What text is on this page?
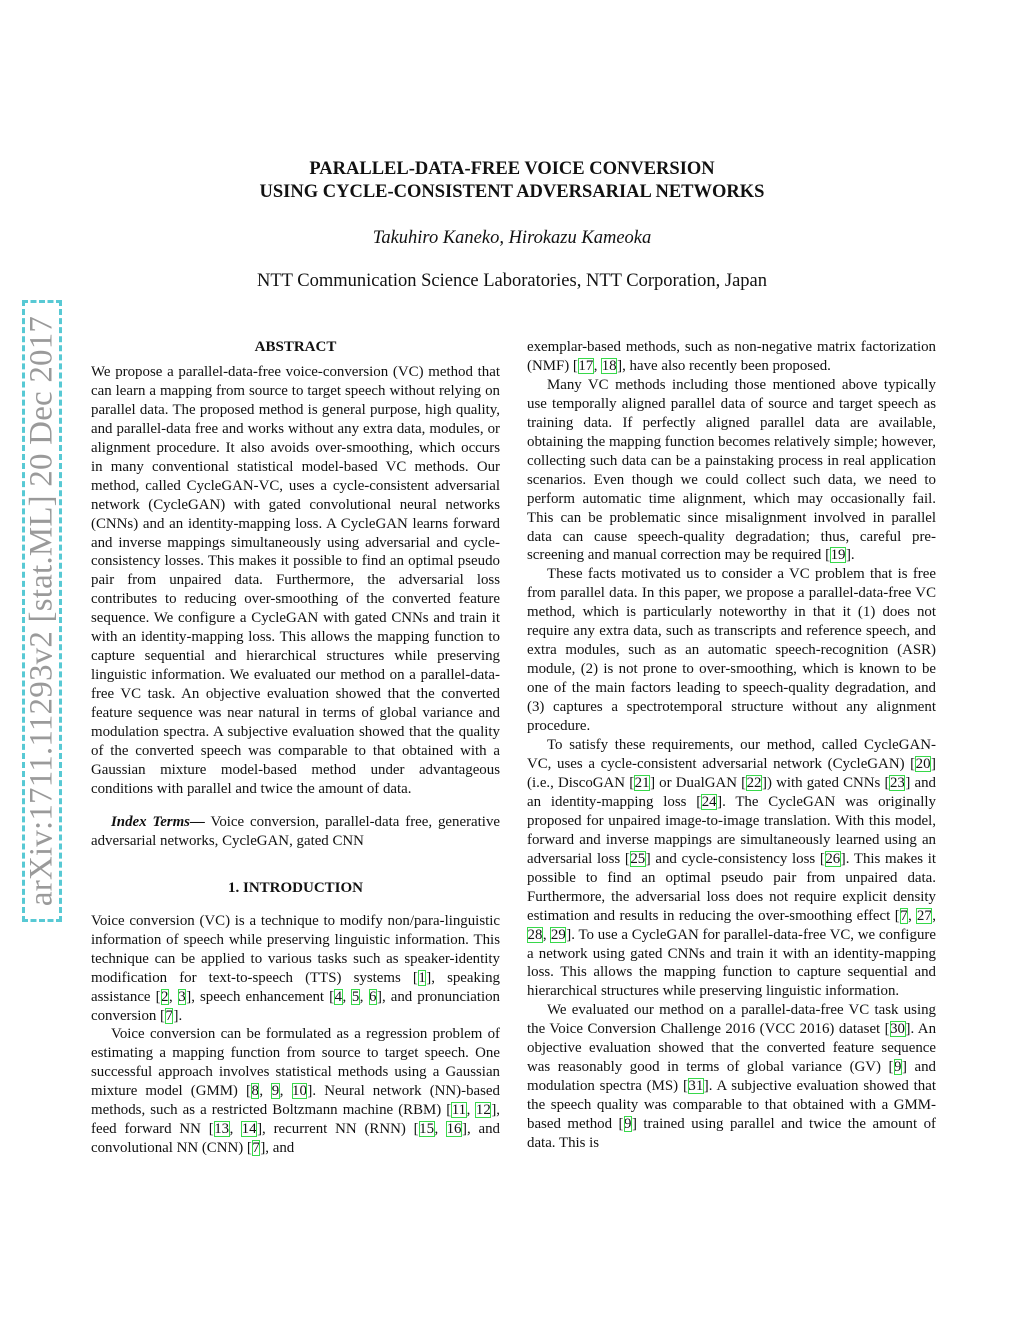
arXiv:1711.11293v2 [stat.ML] 20 Dec 2017
PARALLEL-DATA-FREE VOICE CONVERSION
USING CYCLE-CONSISTENT ADVERSARIAL NETWORKS
Takuhiro Kaneko, Hirokazu Kameoka
NTT Communication Science Laboratories, NTT Corporation, Japan
ABSTRACT

We propose a parallel-data-free voice-conversion (VC) method that can learn a mapping from source to target speech without relying on parallel data. The proposed method is general purpose, high quality, and parallel-data free and works without any extra data, modules, or alignment procedure. It also avoids over-smoothing, which occurs in many conventional statistical model-based VC methods. Our method, called CycleGAN-VC, uses a cycle-consistent adversarial network (CycleGAN) with gated convolutional neural networks (CNNs) and an identity-mapping loss. A CycleGAN learns forward and inverse mappings simultaneously using adversarial and cycle-consistency losses. This makes it possible to find an optimal pseudo pair from unpaired data. Furthermore, the adversarial loss contributes to reducing over-smoothing of the converted feature sequence. We configure a CycleGAN with gated CNNs and train it with an identity-mapping loss. This allows the mapping function to capture sequential and hierarchical structures while preserving linguistic information. We evaluated our method on a parallel-data-free VC task. An objective evaluation showed that the converted feature sequence was near natural in terms of global variance and modulation spectra. A subjective evaluation showed that the quality of the converted speech was comparable to that obtained with a Gaussian mixture model-based method under advantageous conditions with parallel and twice the amount of data.

Index Terms— Voice conversion, parallel-data free, generative adversarial networks, CycleGAN, gated CNN

1. INTRODUCTION

Voice conversion (VC) is a technique to modify non/para-linguistic information of speech while preserving linguistic information. This technique can be applied to various tasks such as speaker-identity modification for text-to-speech (TTS) systems [1], speaking assistance [2, 3], speech enhancement [4, 5, 6], and pronunciation conversion [7].

Voice conversion can be formulated as a regression problem of estimating a mapping function from source to target speech. One successful approach involves statistical methods using a Gaussian mixture model (GMM) [8, 9, 10]. Neural network (NN)-based methods, such as a restricted Boltzmann machine (RBM) [11, 12], feed forward NN [13, 14], recurrent NN (RNN) [15, 16], and convolutional NN (CNN) [7], and

exemplar-based methods, such as non-negative matrix factorization (NMF) [17, 18], have also recently been proposed.

Many VC methods including those mentioned above typically use temporally aligned parallel data of source and target speech as training data. If perfectly aligned parallel data are available, obtaining the mapping function becomes relatively simple; however, collecting such data can be a painstaking process in real application scenarios. Even though we could collect such data, we need to perform automatic time alignment, which may occasionally fail. This can be problematic since misalignment involved in parallel data can cause speech-quality degradation; thus, careful pre-screening and manual correction may be required [19].

These facts motivated us to consider a VC problem that is free from parallel data. In this paper, we propose a parallel-data-free VC method, which is particularly noteworthy in that it (1) does not require any extra data, such as transcripts and reference speech, and extra modules, such as an automatic speech-recognition (ASR) module, (2) is not prone to over-smoothing, which is known to be one of the main factors leading to speech-quality degradation, and (3) captures a spectrotemporal structure without any alignment procedure.

To satisfy these requirements, our method, called CycleGAN-VC, uses a cycle-consistent adversarial network (CycleGAN) [20] (i.e., DiscoGAN [21] or DualGAN [22]) with gated CNNs [23] and an identity-mapping loss [24]. The CycleGAN was originally proposed for unpaired image-to-image translation. With this model, forward and inverse mappings are simultaneously learned using an adversarial loss [25] and cycle-consistency loss [26]. This makes it possible to find an optimal pseudo pair from unpaired data. Furthermore, the adversarial loss does not require explicit density estimation and results in reducing the over-smoothing effect [7, 27, 28, 29]. To use a CycleGAN for parallel-data-free VC, we configure a network using gated CNNs and train it with an identity-mapping loss. This allows the mapping function to capture sequential and hierarchical structures while preserving linguistic information.

We evaluated our method on a parallel-data-free VC task using the Voice Conversion Challenge 2016 (VCC 2016) dataset [30]. An objective evaluation showed that the converted feature sequence was reasonably good in terms of global variance (GV) [9] and modulation spectra (MS) [31]. A subjective evaluation showed that the speech quality was comparable to that obtained with a GMM-based method [9] trained using parallel and twice the amount of data. This is
